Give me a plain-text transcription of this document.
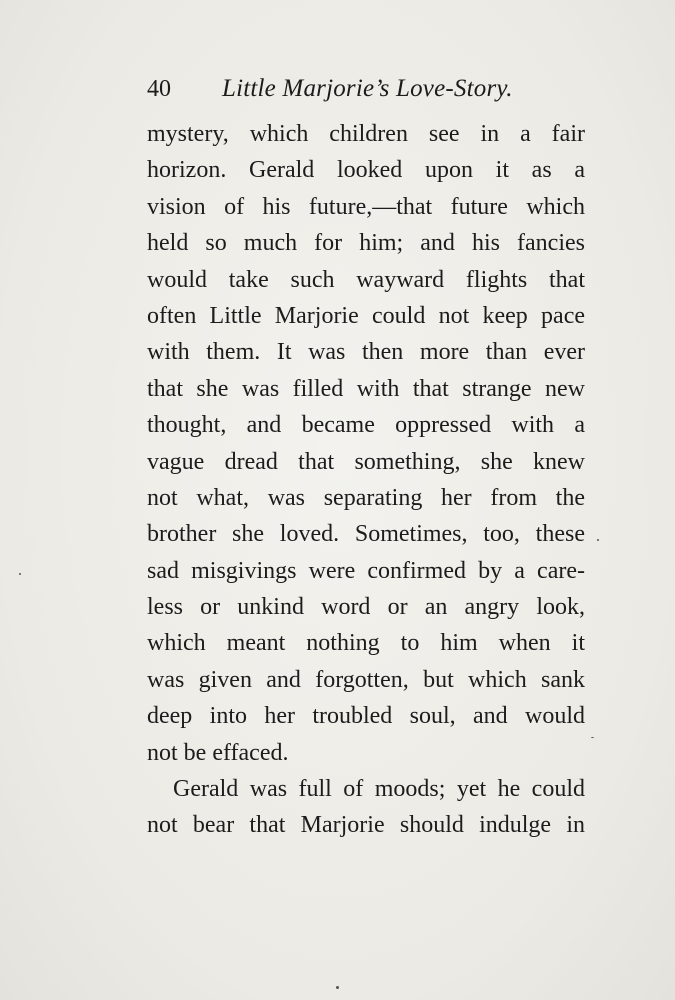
40 Little Marjorie’s Love-Story.
mystery, which children see in a fair
horizon. Gerald looked upon it as a
vision of his future,—that future which
held so much for him; and his fancies
would take such wayward flights that
often Little Marjorie could not keep pace
with them. It was then more than ever
that she was filled with that strange new
thought, and became oppressed with a
vague dread that something, she knew
not what, was separating her from the
brother she loved. Sometimes, too, these
sad misgivings were confirmed by a care-
less or unkind word or an angry look,
which meant nothing to him when it
was given and forgotten, but which sank
deep into her troubled soul, and would
not be effaced.
Gerald was full of moods; yet he could
not bear that Marjorie should indulge in
